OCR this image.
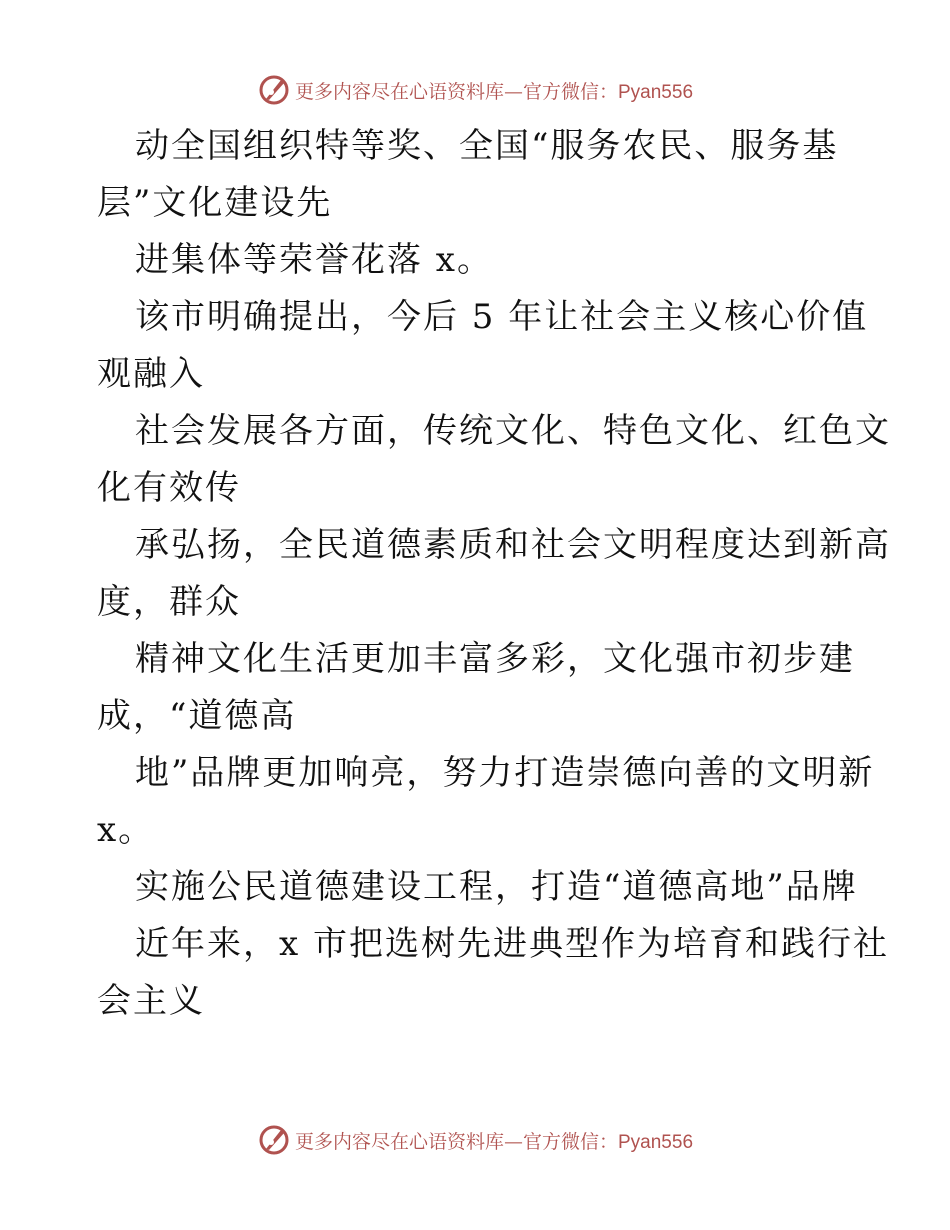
更多内容尽在心语资料库—官方微信：Pyan556
动全国组织特等奖、全国“服务农民、服务基
层”文化建设先
进集体等荣誉花落 x。
该市明确提出，今后 5 年让社会主义核心价值
观融入
社会发展各方面，传统文化、特色文化、红色文
化有效传
承弘扬，全民道德素质和社会文明程度达到新高
度，群众
精神文化生活更加丰富多彩，文化强市初步建
成，“道德高
地”品牌更加响亮，努力打造崇德向善的文明新
x。
实施公民道德建设工程，打造“道德高地”品牌
近年来，x 市把选树先进典型作为培育和践行社
会主义
更多内容尽在心语资料库—官方微信：Pyan556
